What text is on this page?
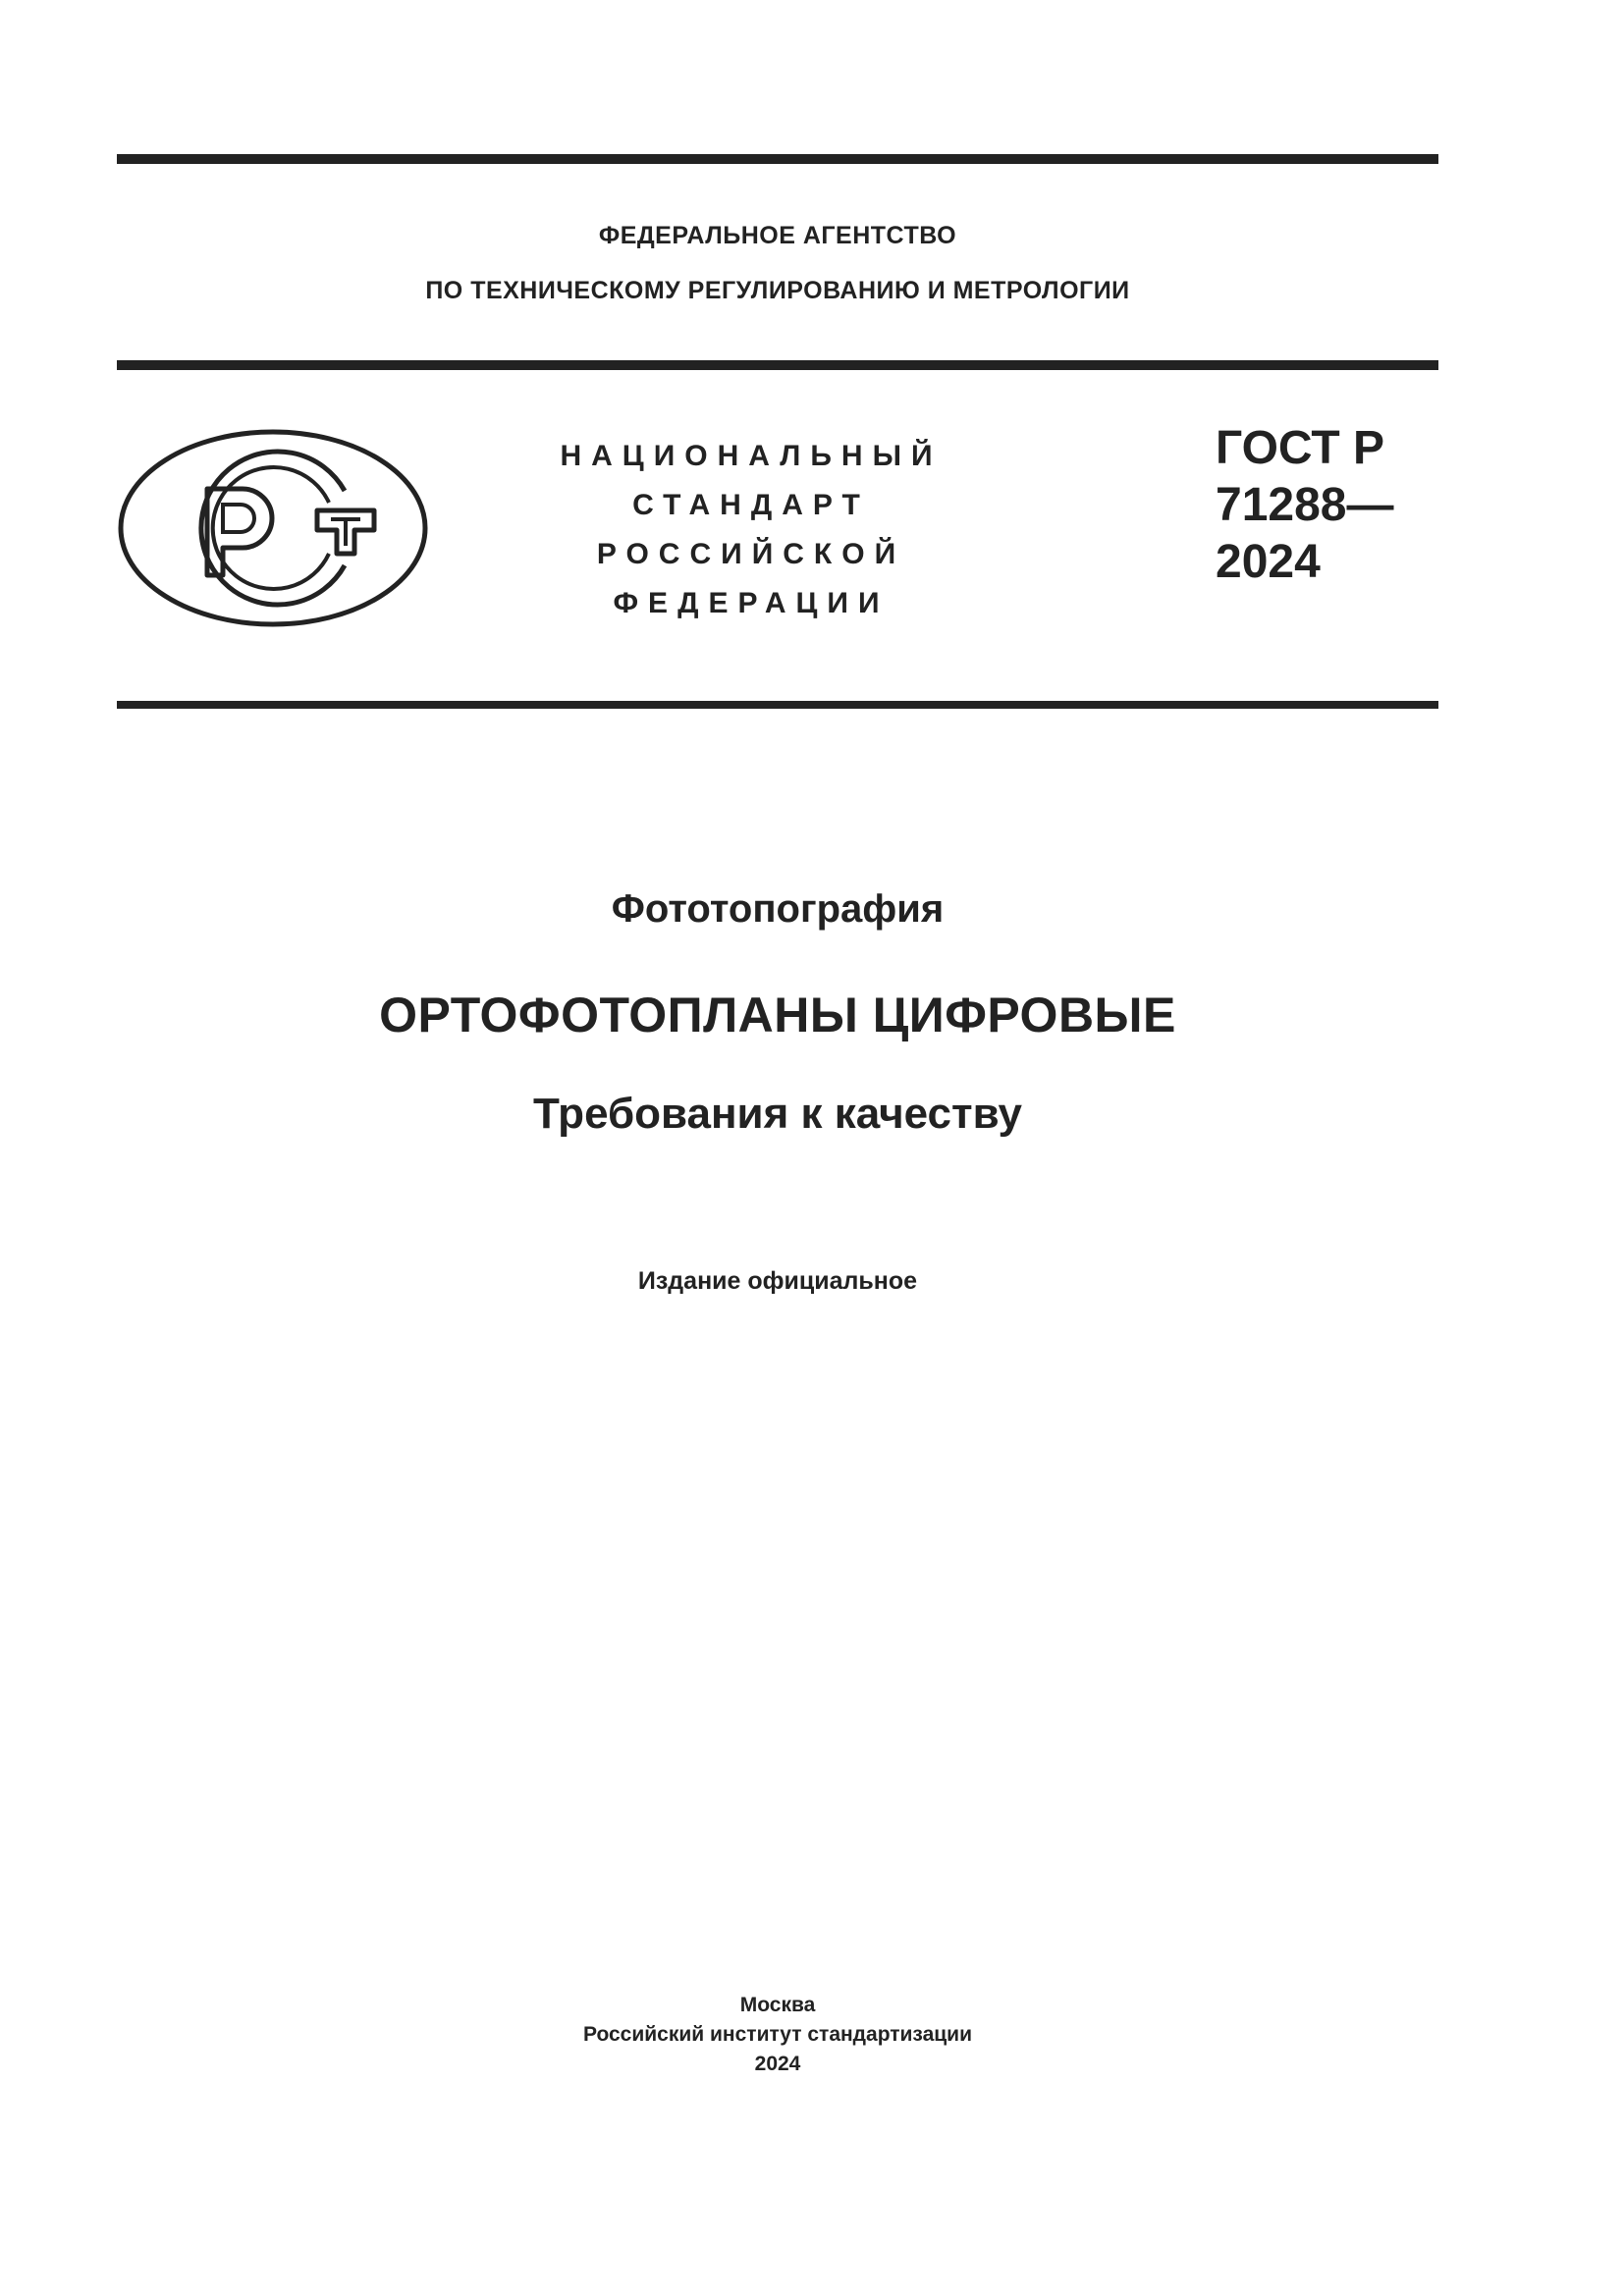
ФЕДЕРАЛЬНОЕ АГЕНТСТВО
ПО ТЕХНИЧЕСКОМУ РЕГУЛИРОВАНИЮ И МЕТРОЛОГИИ
НАЦИОНАЛЬНЫЙ
СТАНДАРТ
РОССИЙСКОЙ
ФЕДЕРАЦИИ
ГОСТ Р
71288—
2024
Фототопография
ОРТОФОТОПЛАНЫ ЦИФРОВЫЕ
Требования к качеству
Издание официальное
Москва
Российский институт стандартизации
2024
